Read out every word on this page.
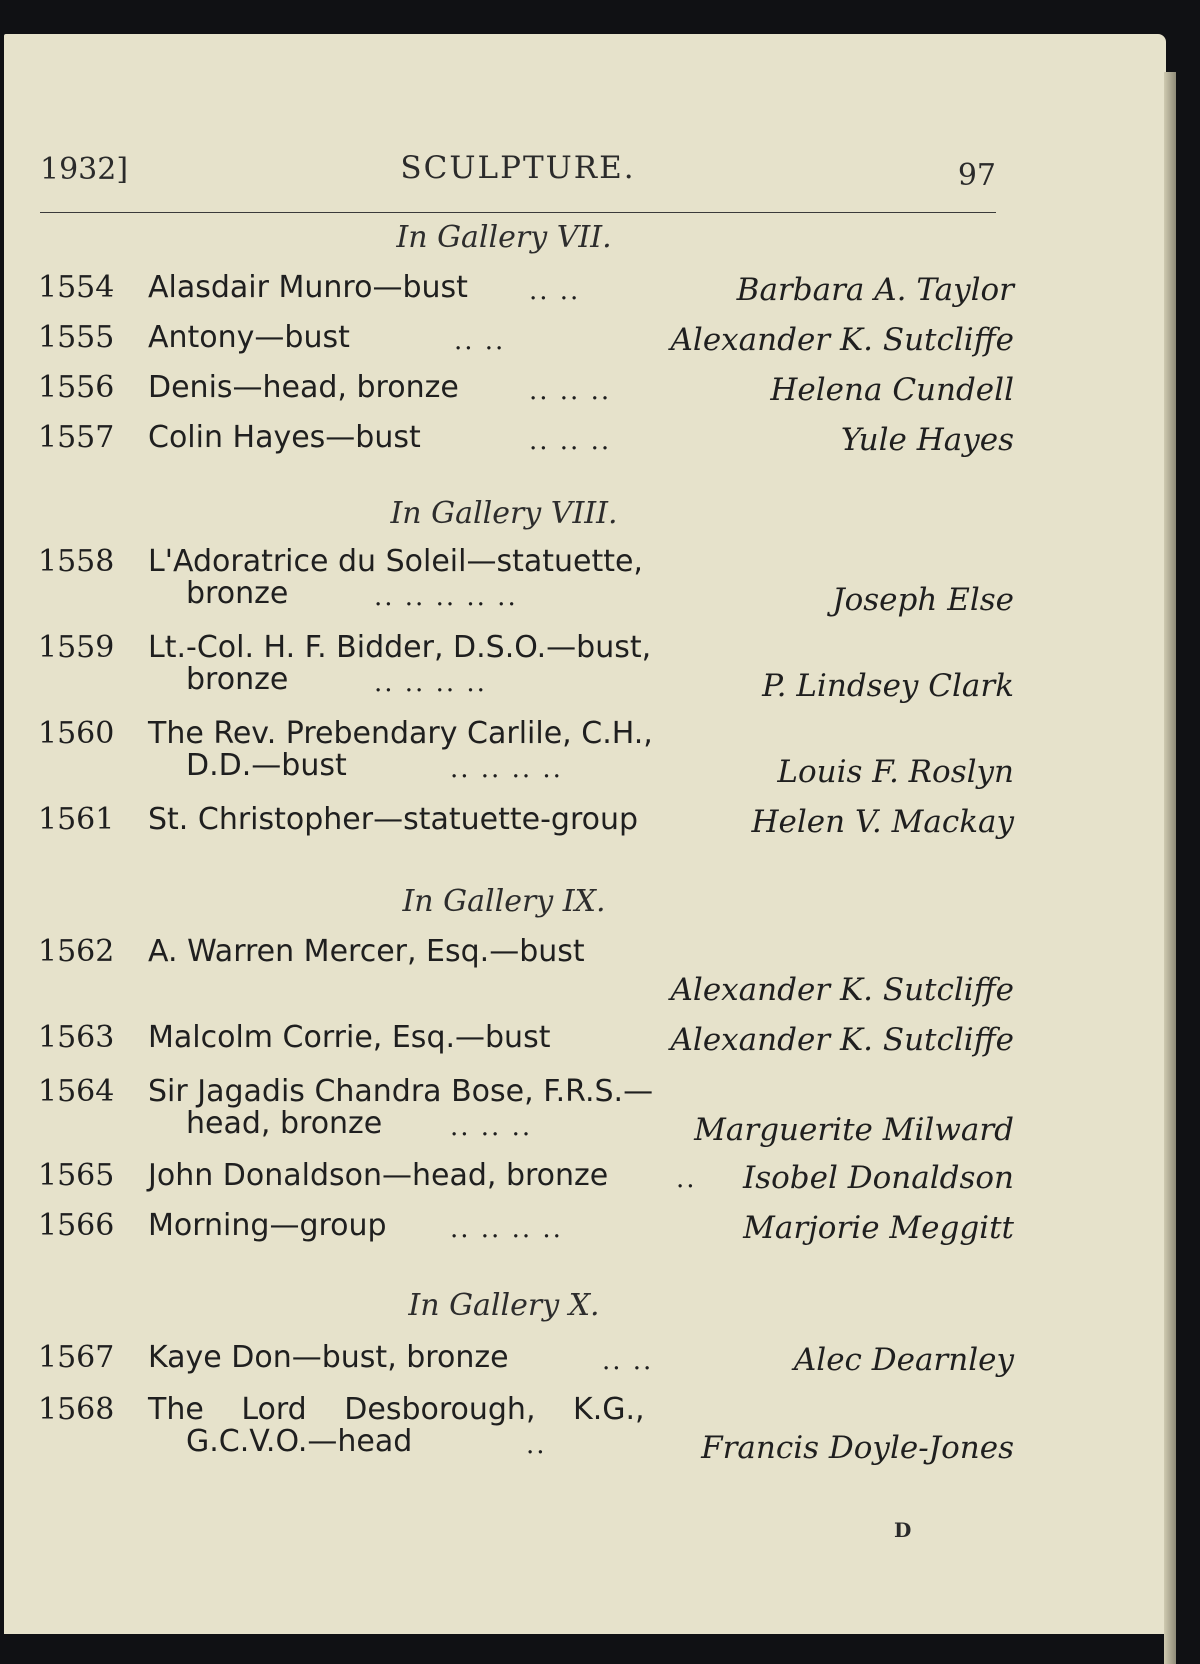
1932]	SCULPTURE.	97
In Gallery VII.
1554 Alasdair Munro—bust .. ..	Barbara A. Taylor
1555 Antony—bust	.. ..	Alexander K. Sutcliffe
1556 Denis—head, bronze	.. .. ..	Helena Cundell
1557 Colin Hayes—bust	.. .. ..	Yule Hayes
In Gallery VIII.
1558 L'Adoratrice du Soleil—statuette,
bronze	.. .. .. .. ..	Joseph Else
1559 Lt.-Col. H. F. Bidder, D.S.O.—bust,
bronze	.. .. .. ..	P. Lindsey Clark
1560 The Rev. Prebendary Carlile, C.H.,
D.D.—bust	.. .. .. ..	Louis F. Roslyn
1561 St. Christopher—statuette-group	Helen V. Mackay
In Gallery IX.
1562 A. Warren Mercer, Esq.—bust
Alexander K. Sutcliffe
1563 Malcolm Corrie, Esq.—bust	Alexander K. Sutcliffe
1564 Sir Jagadis Chandra Bose, F.R.S.—
head, bronze	.. .. ..	Marguerite Milward
1565 John Donaldson—head, bronze	.. Isobel Donaldson
1566 Morning—group .. .. .. ..	Marjorie Meggitt
In Gallery X.
1567 Kaye Don—bust, bronze	.. ..	Alec Dearnley
1568 The Lord Desborough, K.G.,
G.C.V.O.—head	..	Francis Doyle-Jones
D
